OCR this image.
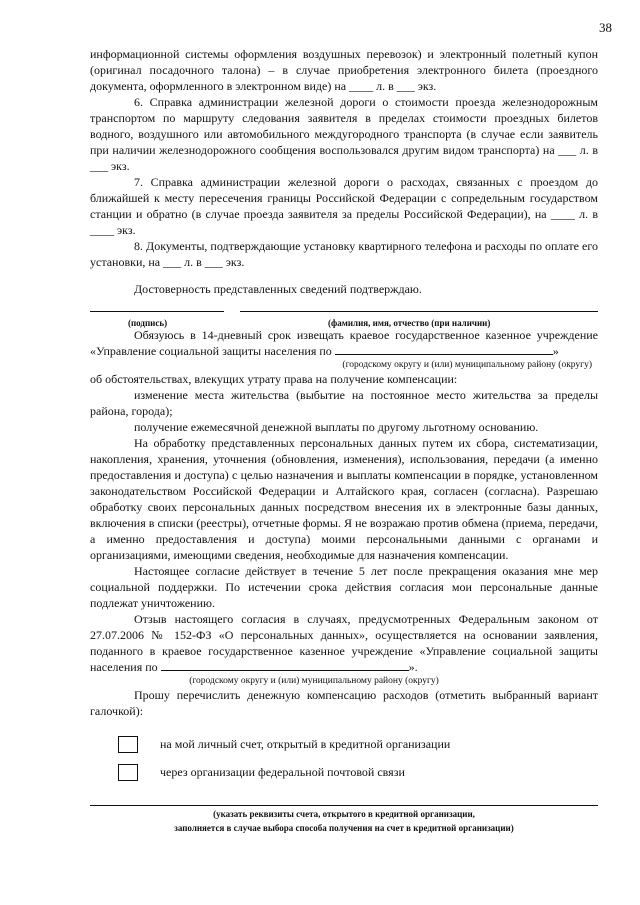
38

информационной системы оформления воздушных перевозок) и электронный полетный купон (оригинал посадочного талона) – в случае приобретения электронного билета (проездного документа, оформленного в электронном виде) на ____ л. в ___ экз.

6. Справка администрации железной дороги о стоимости проезда железнодорожным транспортом по маршруту следования заявителя в пределах стоимости проездных билетов водного, воздушного или автомобильного междугородного транспорта (в случае если заявитель при наличии железнодорожного сообщения воспользовался другим видом транспорта) на ___ л. в ___ экз.

7. Справка администрации железной дороги о расходах, связанных с проездом до ближайшей к месту пересечения границы Российской Федерации с сопредельным государством станции и обратно (в случае проезда заявителя за пределы Российской Федерации), на ____ л. в ____ экз.

8. Документы, подтверждающие установку квартирного телефона и расходы по оплате его установки, на ___ л. в ___ экз.

Достоверность представленных сведений подтверждаю.

(подпись)	(фамилия, имя, отчество (при наличии)

Обязуюсь в 14-дневный срок извещать краевое государственное казенное учреждение «Управление социальной защиты населения по	»

(городскому округу и (или) муниципальному району (округу)

об обстоятельствах, влекущих утрату права на получение компенсации:

изменение места жительства (выбытие на постоянное место жительства за пределы района, города);

получение ежемесячной денежной выплаты по другому льготному основанию.

На обработку представленных персональных данных путем их сбора, систематизации, накопления, хранения, уточнения (обновления, изменения), использования, передачи (а именно предоставления и доступа) с целью назначения и выплаты компенсации в порядке, установленном законодательством Российской Федерации и Алтайского края, согласен (согласна). Разрешаю обработку своих персональных данных посредством внесения их в электронные базы данных, включения в списки (реестры), отчетные формы. Я не возражаю против обмена (приема, передачи, а именно предоставления и доступа) моими персональными данными с органами и организациями, имеющими сведения, необходимые для назначения компенсации.

Настоящее согласие действует в течение 5 лет после прекращения оказания мне мер социальной поддержки. По истечении срока действия согласия мои персональные данные подлежат уничтожению.

Отзыв настоящего согласия в случаях, предусмотренных Федеральным законом от 27.07.2006 № 152-ФЗ «О персональных данных», осуществляется на основании заявления, поданного в краевое государственное казенное учреждение «Управление социальной защиты населения по	».

(городскому округу и (или) муниципальному району (округу)

Прошу перечислить денежную компенсацию расходов (отметить выбранный вариант галочкой):

на мой личный счет, открытый в кредитной организации
через организации федеральной почтовой связи
(указать реквизиты счета, открытого в кредитной организации,
заполняется в случае выбора способа получения на счет в кредитной организации)
